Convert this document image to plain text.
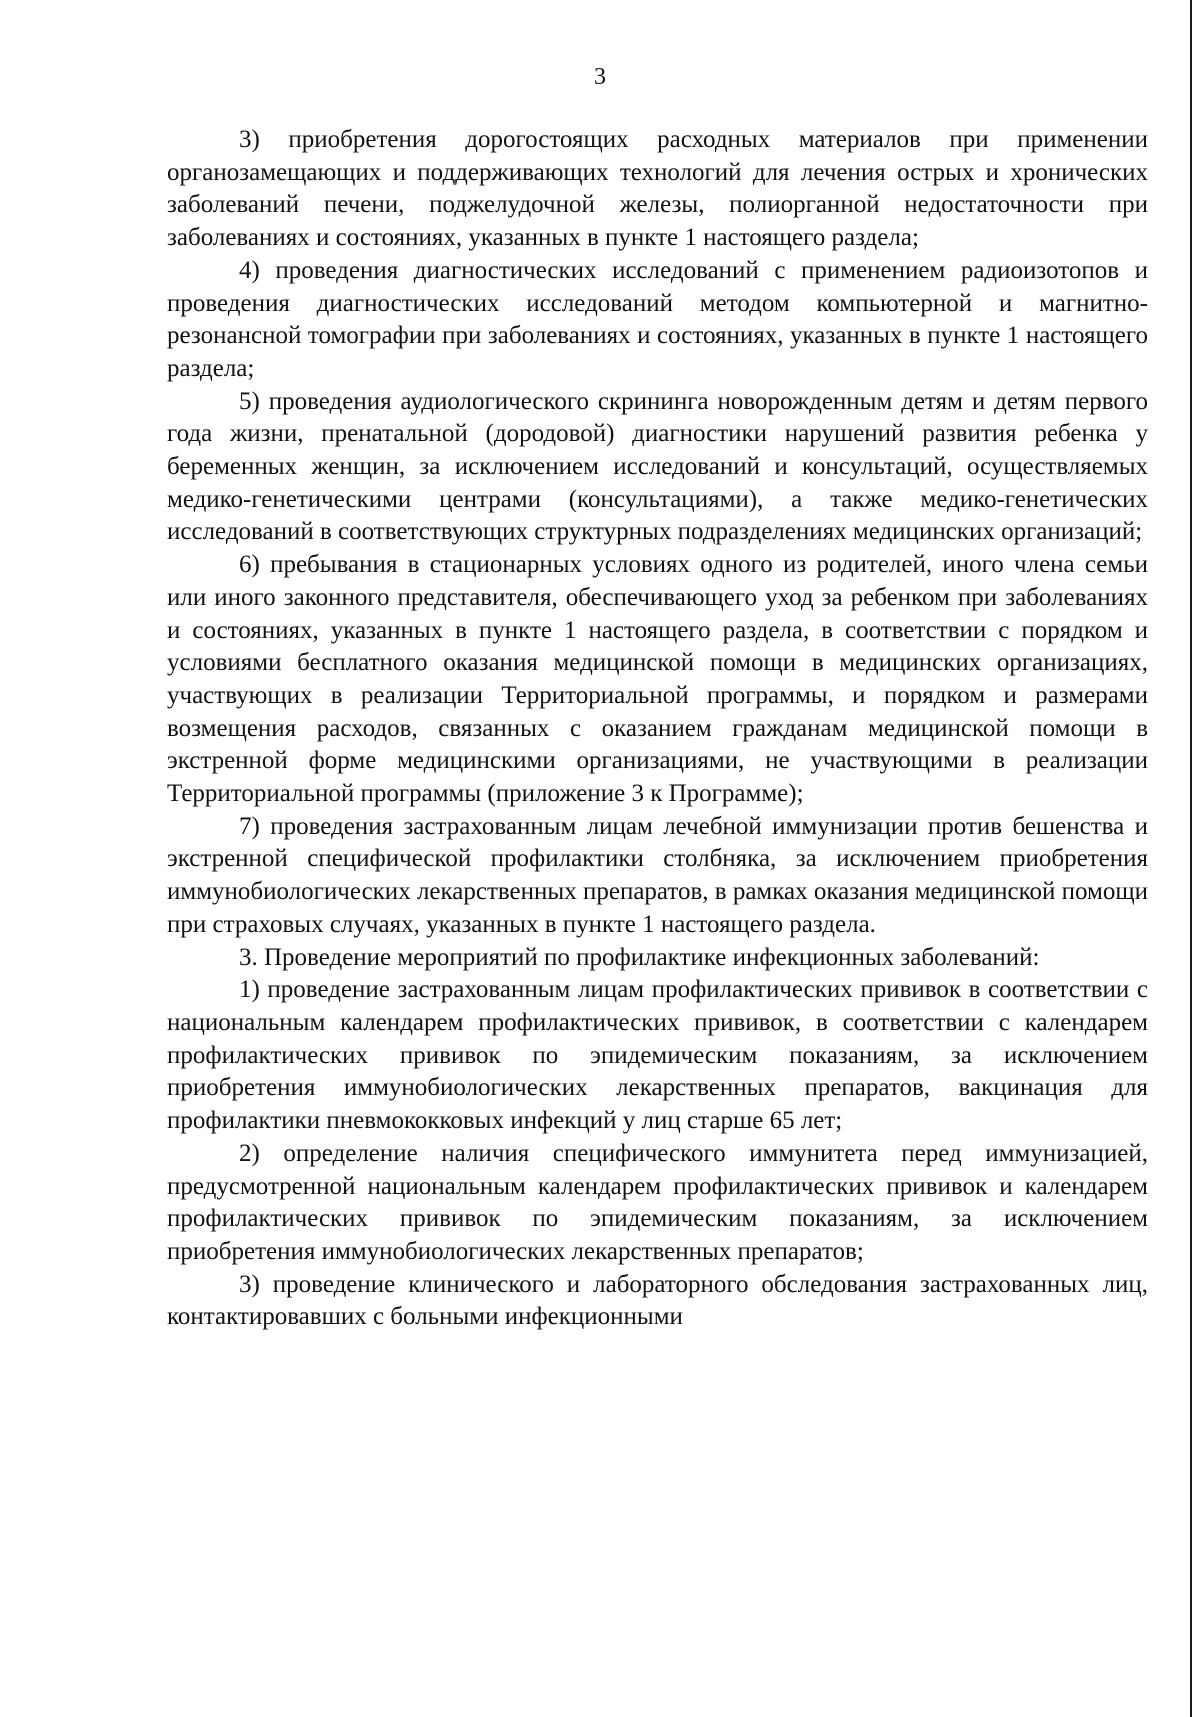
3

3) приобретения дорогостоящих расходных материалов при применении органозамещающих и поддерживающих технологий для лечения острых и хронических заболеваний печени, поджелудочной железы, полиорганной недостаточности при заболеваниях и состояниях, указанных в пункте 1 настоящего раздела;

4) проведения диагностических исследований с применением радиоизотопов и проведения диагностических исследований методом компьютерной и магнитно-резонансной томографии при заболеваниях и состояниях, указанных в пункте 1 настоящего раздела;

5) проведения аудиологического скрининга новорожденным детям и детям первого года жизни, пренатальной (дородовой) диагностики нарушений развития ребенка у беременных женщин, за исключением исследований и консультаций, осуществляемых медико-генетическими центрами (консультациями), а также медико-генетических исследований в соответствующих структурных подразделениях медицинских организаций;

6) пребывания в стационарных условиях одного из родителей, иного члена семьи или иного законного представителя, обеспечивающего уход за ребенком при заболеваниях и состояниях, указанных в пункте 1 настоящего раздела, в соответствии с порядком и условиями бесплатного оказания медицинской помощи в медицинских организациях, участвующих в реализации Территориальной программы, и порядком и размерами возмещения расходов, связанных с оказанием гражданам медицинской помощи в экстренной форме медицинскими организациями, не участвующими в реализации Территориальной программы (приложение 3 к Программе);

7) проведения застрахованным лицам лечебной иммунизации против бешенства и экстренной специфической профилактики столбняка, за исключением приобретения иммунобиологических лекарственных препаратов, в рамках оказания медицинской помощи при страховых случаях, указанных в пункте 1 настоящего раздела.

3. Проведение мероприятий по профилактике инфекционных заболеваний:

1) проведение застрахованным лицам профилактических прививок в соответствии с национальным календарем профилактических прививок, в соответствии с календарем профилактических прививок по эпидемическим показаниям, за исключением приобретения иммунобиологических лекарственных препаратов, вакцинация для профилактики пневмококковых инфекций у лиц старше 65 лет;

2) определение наличия специфического иммунитета перед иммунизацией, предусмотренной национальным календарем профилактических прививок и календарем профилактических прививок по эпидемическим показаниям, за исключением приобретения иммунобиологических лекарственных препаратов;

3) проведение клинического и лабораторного обследования застрахованных лиц, контактировавших с больными инфекционными
